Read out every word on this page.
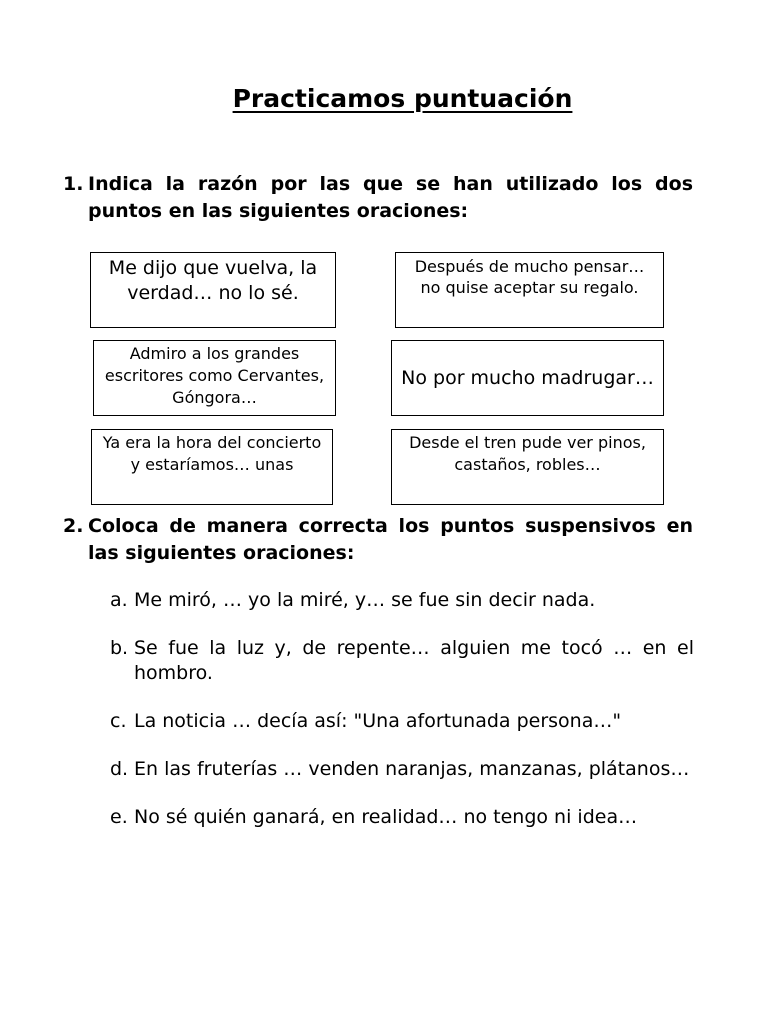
Practicamos puntuación
1. Indica la razón por las que se han utilizado los dos puntos en las siguientes oraciones:
Me dijo que vuelva, la verdad… no lo sé.
Después de mucho pensar… no quise aceptar su regalo.
Admiro a los grandes escritores como Cervantes, Góngora…
No por mucho madrugar…
Ya era la hora del concierto y estaríamos… unas
Desde el tren pude ver pinos, castaños, robles…
2. Coloca de manera correcta los puntos suspensivos en las siguientes oraciones:
a. Me miró, … yo la miré, y… se fue sin decir nada.
b. Se fue la luz y, de repente… alguien me tocó … en el hombro.
c. La noticia … decía así: "Una afortunada persona…"
d. En las fruterías … venden naranjas, manzanas, plátanos…
e. No sé quién ganará, en realidad… no tengo ni idea…
